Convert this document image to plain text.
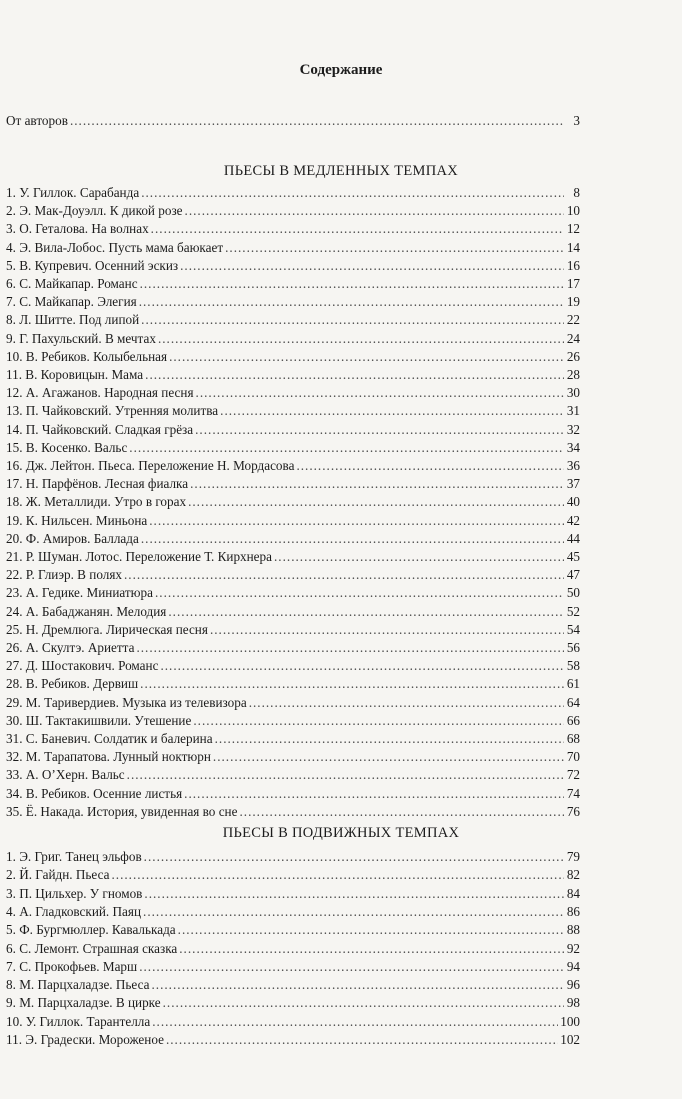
Содержание
От авторов .....	3
ПЬЕСЫ В МЕДЛЕННЫХ ТЕМПАХ
1. У. Гиллок. Сарабанда .....	8
2. Э. Мак-Доуэлл. К дикой розе .....	10
3. О. Геталова. На волнах .....	12
4. Э. Вила-Лобос. Пусть мама баюкает .....	14
5. В. Купревич. Осенний эскиз .....	16
6. С. Майкапар. Романс .....	17
7. С. Майкапар. Элегия .....	19
8. Л. Шитте. Под липой .....	22
9. Г. Пахульский. В мечтах .....	24
10. В. Ребиков. Колыбельная .....	26
11. В. Коровицын. Мама .....	28
12. А. Агажанов. Народная песня .....	30
13. П. Чайковский. Утренняя молитва .....	31
14. П. Чайковский. Сладкая грёза .....	32
15. В. Косенко. Вальс .....	34
16. Дж. Лейтон. Пьеса. Переложение Н. Мордасова .....	36
17. Н. Парфёнов. Лесная фиалка .....	37
18. Ж. Металлиди. Утро в горах .....	40
19. К. Нильсен. Миньона .....	42
20. Ф. Амиров. Баллада .....	44
21. Р. Шуман. Лотос. Переложение Т. Кирхнера .....	45
22. Р. Глиэр. В полях .....	47
23. А. Гедике. Миниатюра .....	50
24. А. Бабаджанян. Мелодия .....	52
25. Н. Дремлюга. Лирическая песня .....	54
26. А. Скултэ. Ариетта .....	56
27. Д. Шостакович. Романс .....	58
28. В. Ребиков. Дервиш .....	61
29. М. Таривердиев. Музыка из телевизора .....	64
30. Ш. Тактакишвили. Утешение .....	66
31. С. Баневич. Солдатик и балерина .....	68
32. М. Тарапатова. Лунный ноктюрн .....	70
33. А. О’Херн. Вальс .....	72
34. В. Ребиков. Осенние листья .....	74
35. Ё. Накада. История, увиденная во сне .....	76
ПЬЕСЫ В ПОДВИЖНЫХ ТЕМПАХ
1. Э. Григ. Танец эльфов .....	79
2. Й. Гайдн. Пьеса .....	82
3. П. Цильхер. У гномов .....	84
4. А. Гладковский. Паяц .....	86
5. Ф. Бургмюллер. Кавалькада .....	88
6. С. Лемонт. Страшная сказка .....	92
7. С. Прокофьев. Марш .....	94
8. М. Парцхаладзе. Пьеса .....	96
9. М. Парцхаладзе. В цирке .....	98
10. У. Гиллок. Тарантелла .....	100
11. Э. Градески. Мороженое .....	102
